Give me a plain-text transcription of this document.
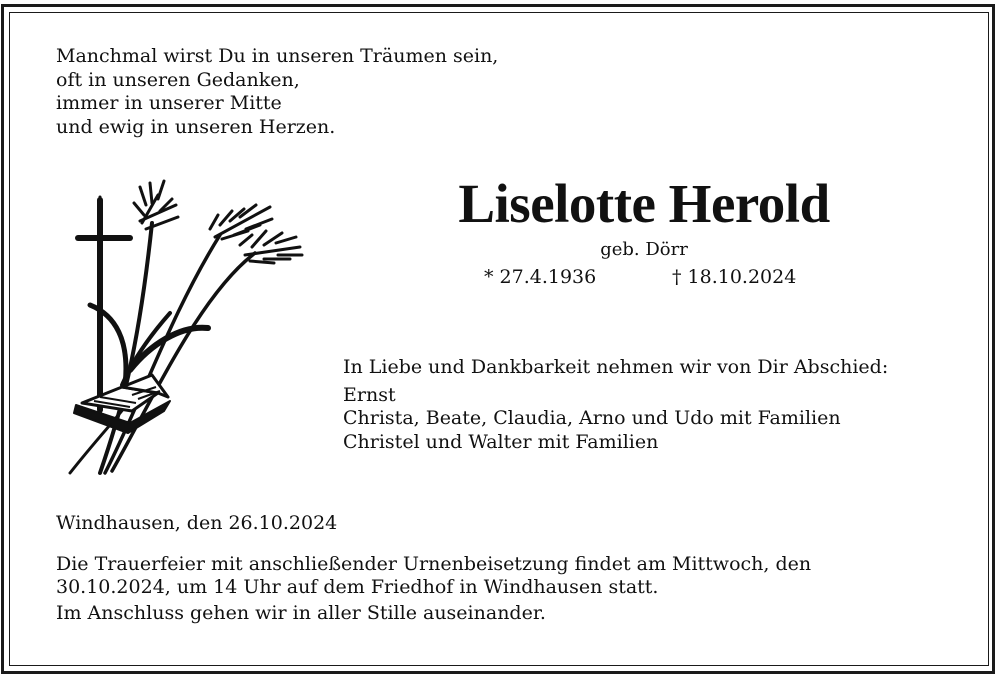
Manchmal wirst Du in unseren Träumen sein,
oft in unseren Gedanken,
immer in unserer Mitte
und ewig in unseren Herzen.
Liselotte Herold
geb. Dörr
* 27.4.1936	† 18.10.2024
In Liebe und Dankbarkeit nehmen wir von Dir Abschied:
Ernst
Christa, Beate, Claudia, Arno und Udo mit Familien
Christel und Walter mit Familien
Windhausen, den 26.10.2024
Die Trauerfeier mit anschließender Urnenbeisetzung findet am Mittwoch, den
30.10.2024, um 14 Uhr auf dem Friedhof in Windhausen statt.
Im Anschluss gehen wir in aller Stille auseinander.
